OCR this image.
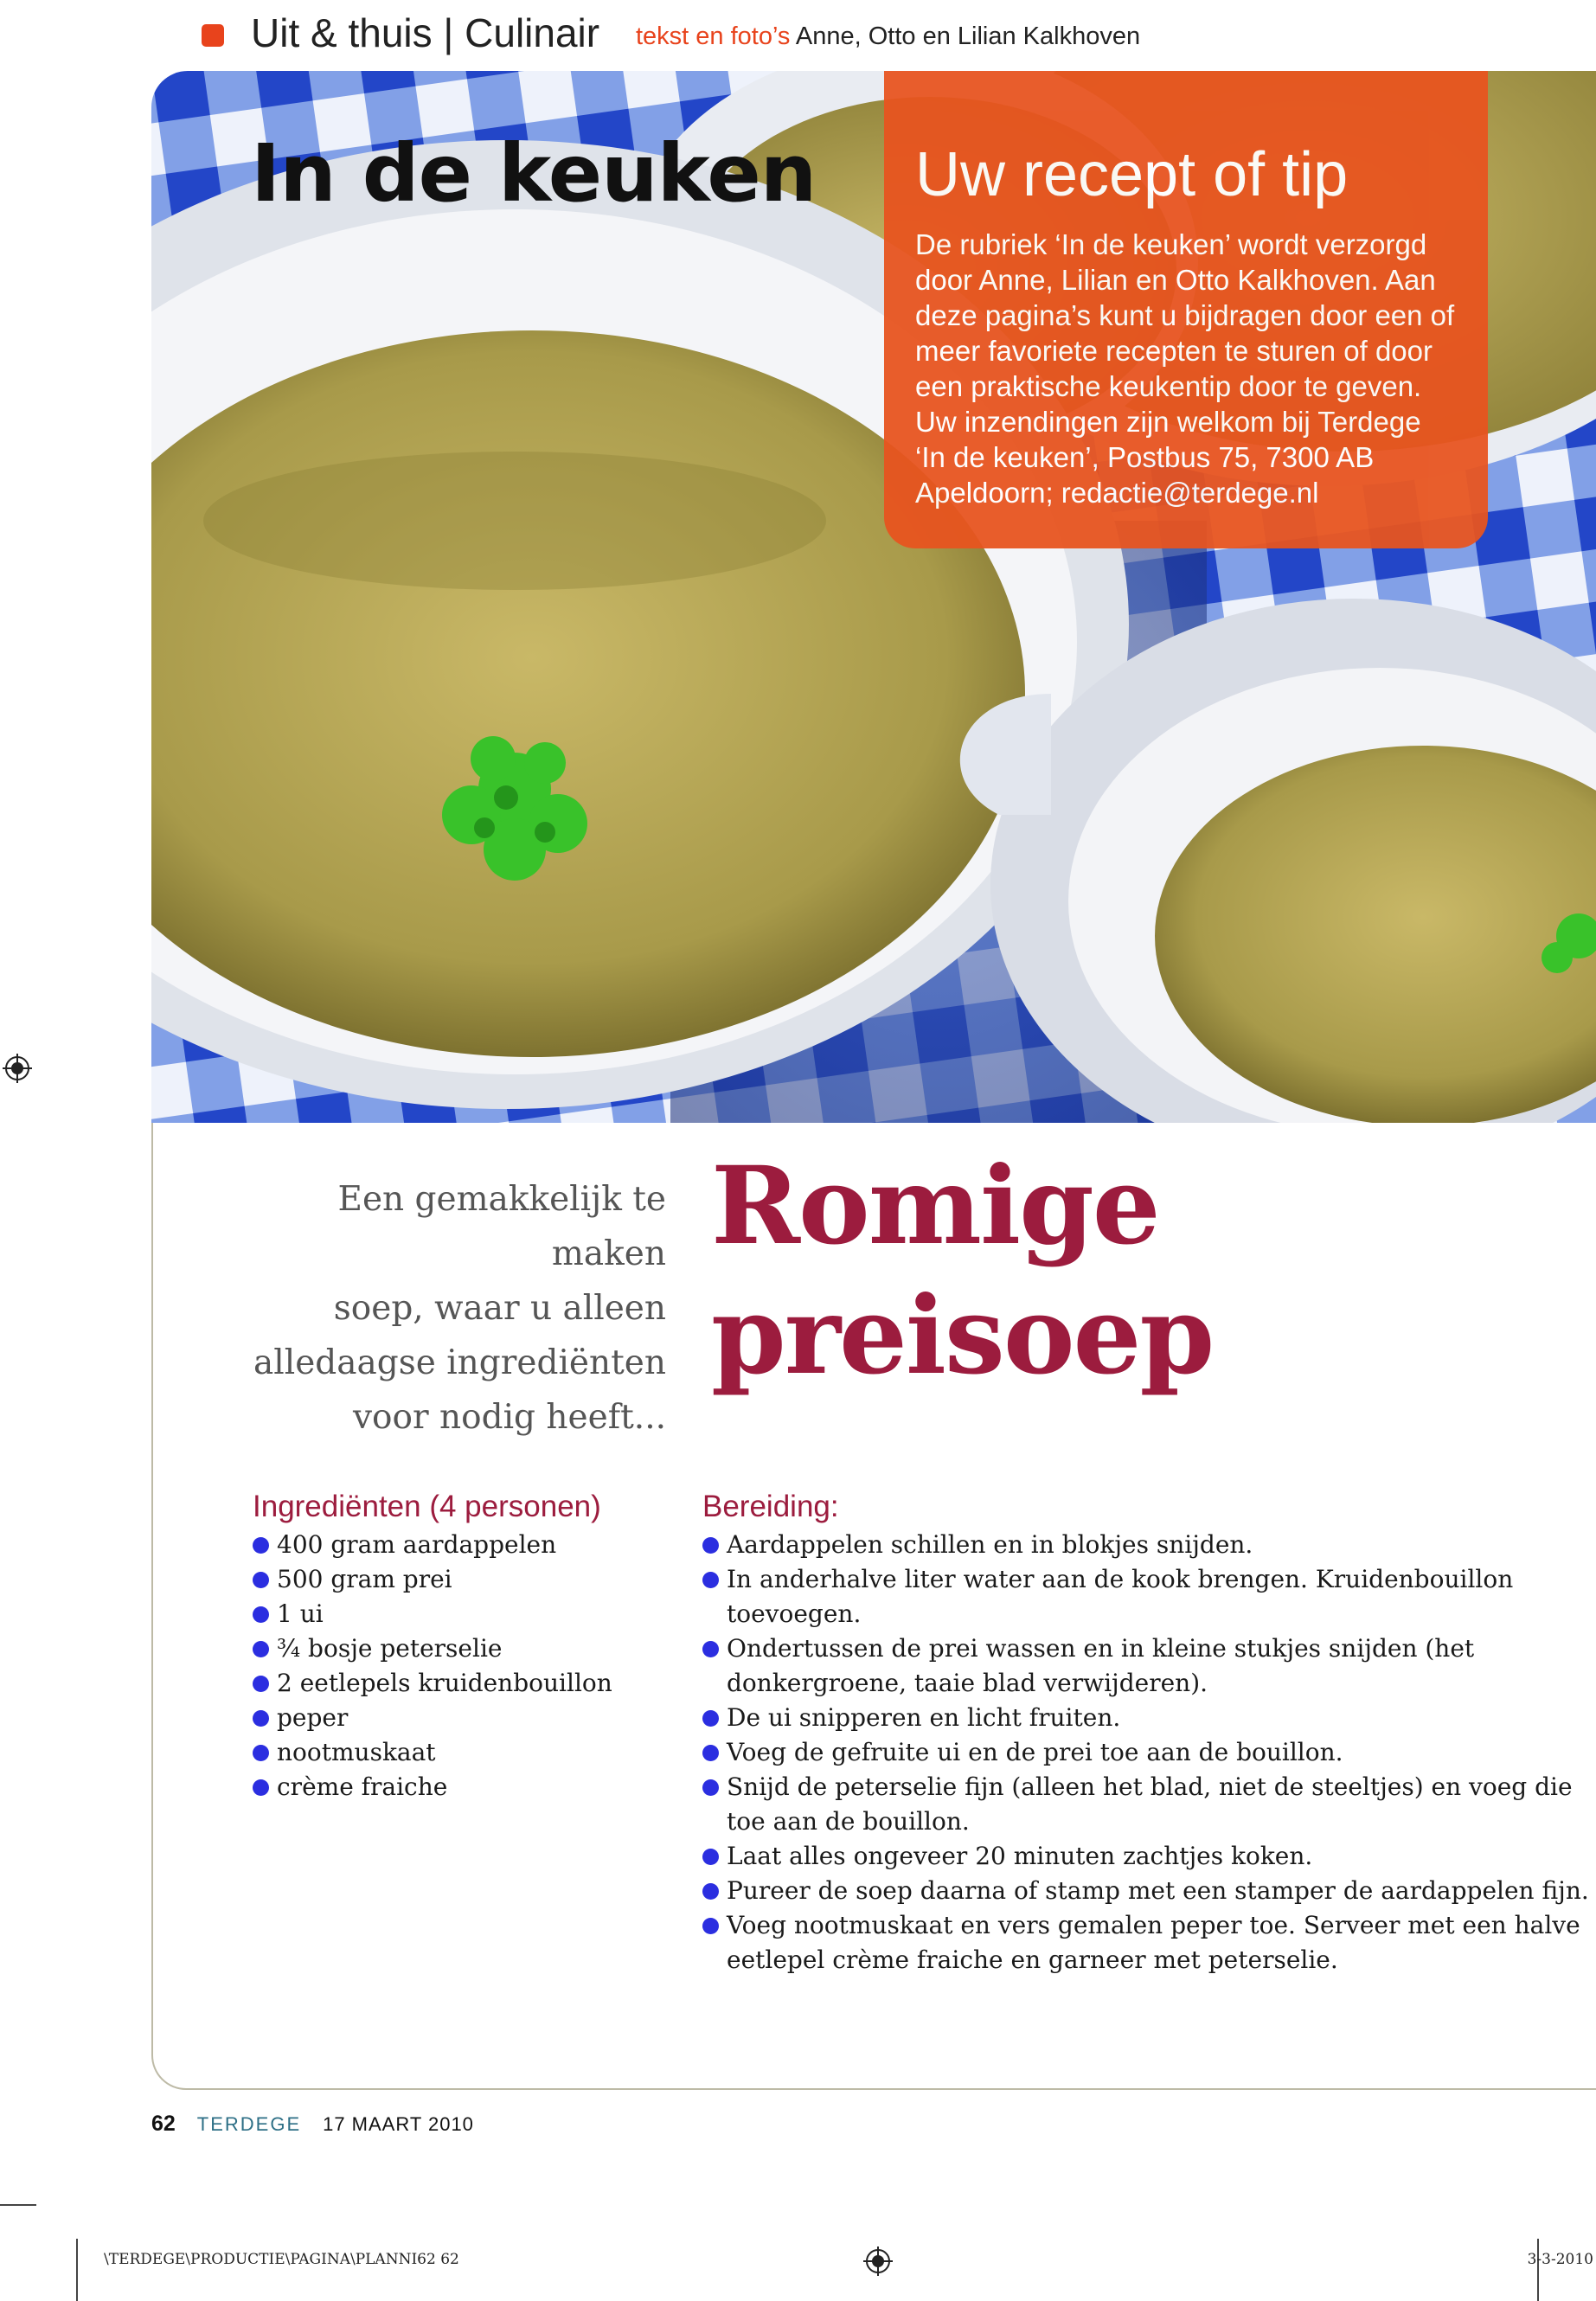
Uit & thuis | Culinair tekst en foto’s Anne, Otto en Lilian Kalkhoven
In de keuken Uw recept of tip

De rubriek ‘In de keuken’ wordt verzorgd door Anne, Lilian en Otto Kalkhoven. Aan deze pagina’s kunt u bijdragen door een of meer favoriete recepten te sturen of door een praktische keukentip door te geven. Uw inzendingen zijn welkom bij Terdege ‘In de keuken’, Postbus 75, 7300 AB Apeldoorn; redactie@terdege.nl

Een gemakkelijk te maken
soep, waar u alleen
alledaagse ingrediënten
voor nodig heeft...
Romige
preisoep
Ingrediënten (4 personen)
400 gram aardappelen
500 gram prei
1 ui
¾ bosje peterselie
2 eetlepels kruidenbouillon
peper
nootmuskaat
crème fraiche
Bereiding:
Aardappelen schillen en in blokjes snijden.
In anderhalve liter water aan de kook brengen. Kruidenbouillon toevoegen.
Ondertussen de prei wassen en in kleine stukjes snijden (het donkergroene, taaie blad verwijderen).
De ui snipperen en licht fruiten.
Voeg de gefruite ui en de prei toe aan de bouillon.
Snijd de peterselie fijn (alleen het blad, niet de steeltjes) en voeg die toe aan de bouillon.
Laat alles ongeveer 20 minuten zachtjes koken.
Pureer de soep daarna of stamp met een stamper de aardappelen fijn.
Voeg nootmuskaat en vers gemalen peper toe. Serveer met een halve eetlepel crème fraiche en garneer met peterselie.
62 TERDEGE 17 MAART 2010
\TERDEGE\PRODUCTIE\PAGINA\PLANNI62 62	3-3-2010
